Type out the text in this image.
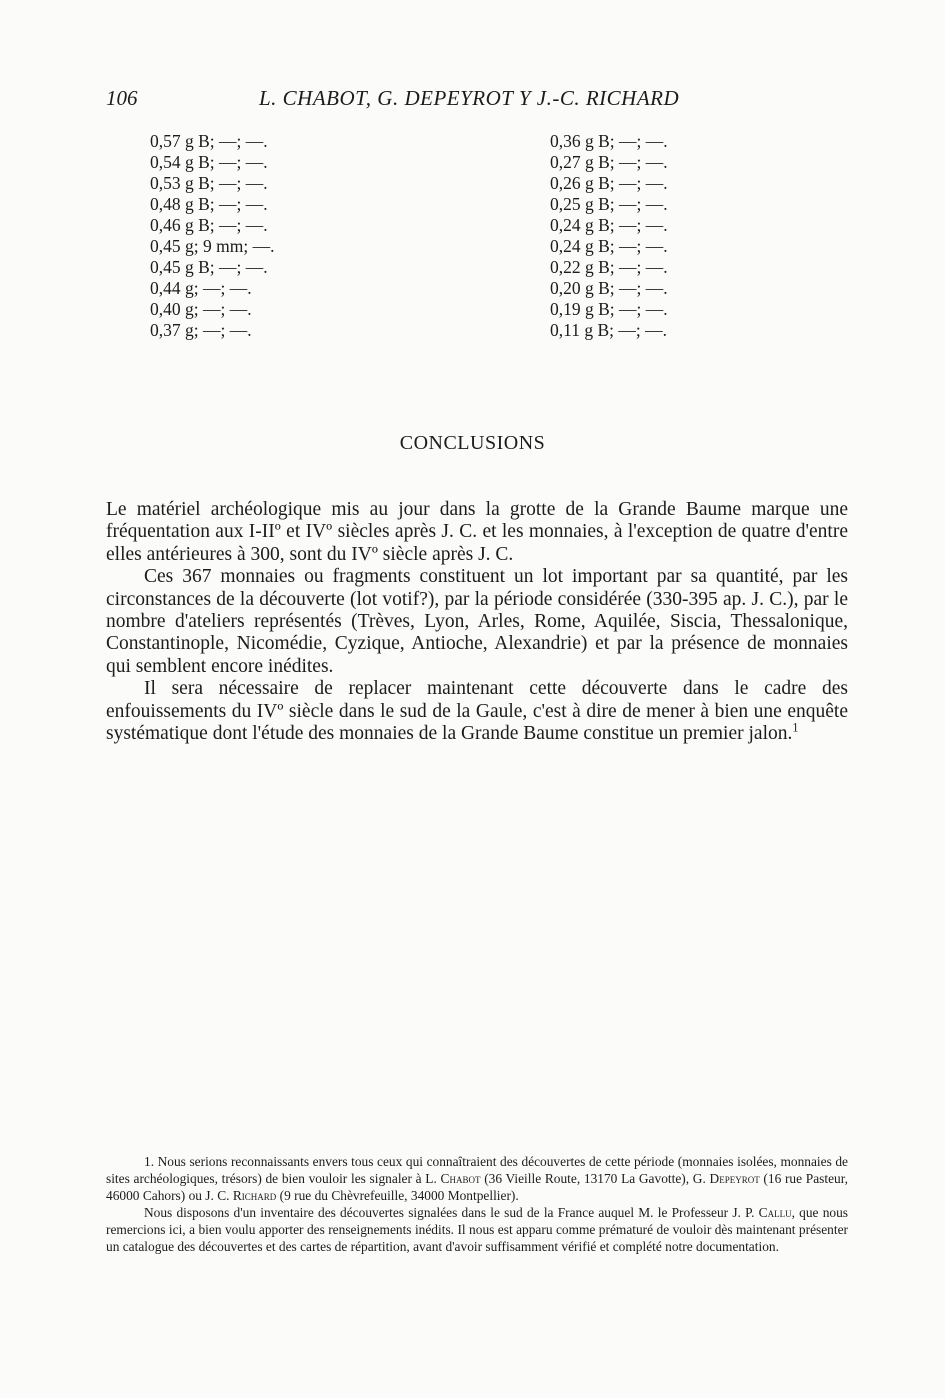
106	L. CHABOT, G. DEPEYROT Y J.-C. RICHARD
0,57 g B; —; —.
0,54 g B; —; —.
0,53 g B; —; —.
0,48 g B; —; —.
0,46 g B; —; —.
0,45 g; 9 mm; —.
0,45 g B; —; —.
0,44 g; —; —.
0,40 g; —; —.
0,37 g; —; —.
0,36 g B; —; —.
0,27 g B; —; —.
0,26 g B; —; —.
0,25 g B; —; —.
0,24 g B; —; —.
0,24 g B; —; —.
0,22 g B; —; —.
0,20 g B; —; —.
0,19 g B; —; —.
0,11 g B; —; —.
CONCLUSIONS

Le matériel archéologique mis au jour dans la grotte de la Grande Baume marque une fréquentation aux I-IIº et IVº siècles après J. C. et les monnaies, à l'exception de quatre d'entre elles antérieures à 300, sont du IVº siècle après J. C.

Ces 367 monnaies ou fragments constituent un lot important par sa quantité, par les circonstances de la découverte (lot votif?), par la période considérée (330-395 ap. J. C.), par le nombre d'ateliers représentés (Trèves, Lyon, Arles, Rome, Aquilée, Siscia, Thessalonique, Constantinople, Nicomédie, Cyzique, Antioche, Alexandrie) et par la présence de monnaies qui semblent encore inédites.

Il sera nécessaire de replacer maintenant cette découverte dans le cadre des enfouissements du IVº siècle dans le sud de la Gaule, c'est à dire de mener à bien une enquête systématique dont l'étude des monnaies de la Grande Baume constitue un premier jalon.$^1$

1. Nous serions reconnaissants envers tous ceux qui connaîtraient des découvertes de cette période (monnaies isolées, monnaies de sites archéologiques, trésors) de bien vouloir les signaler à L. Chabot (36 Vieille Route, 13170 La Gavotte), G. Depeyrot (16 rue Pasteur, 46000 Cahors) ou J. C. Richard (9 rue du Chèvrefeuille, 34000 Montpellier).

Nous disposons d'un inventaire des découvertes signalées dans le sud de la France auquel M. le Professeur J. P. Callu, que nous remercions ici, a bien voulu apporter des renseignements inédits. Il nous est apparu comme prématuré de vouloir dès maintenant présenter un catalogue des découvertes et des cartes de répartition, avant d'avoir suffisamment vérifié et complété notre documentation.
